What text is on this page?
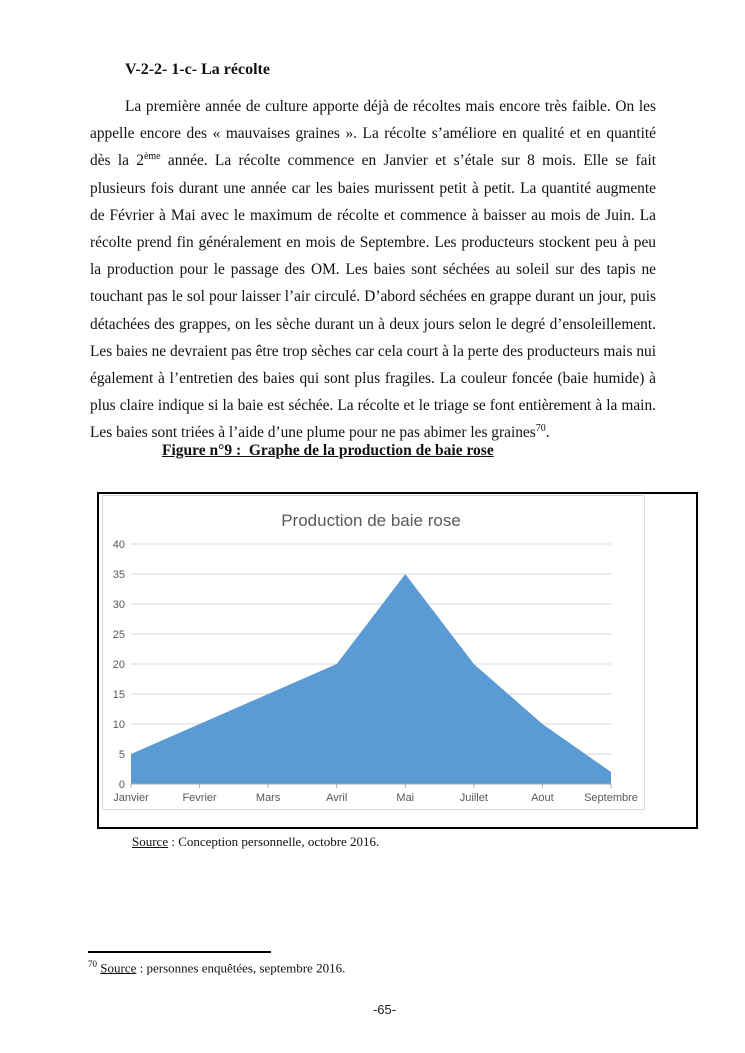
V-2-2- 1-c- La récolte

La première année de culture apporte déjà de récoltes mais encore très faible. On les appelle encore des « mauvaises graines ». La récolte s’améliore en qualité et en quantité dès la 2ème année. La récolte commence en Janvier et s’étale sur 8 mois. Elle se fait plusieurs fois durant une année car les baies murissent petit à petit. La quantité augmente de Février à Mai avec le maximum de récolte et commence à baisser au mois de Juin. La récolte prend fin généralement en mois de Septembre. Les producteurs stockent peu à peu la production pour le passage des OM. Les baies sont séchées au soleil sur des tapis ne touchant pas le sol pour laisser l’air circulé. D’abord séchées en grappe durant un jour, puis détachées des grappes, on les sèche durant un à deux jours selon le degré d’ensoleillement. Les baies ne devraient pas être trop sèches car cela court à la perte des producteurs mais nui également à l’entretien des baies qui sont plus fragiles. La couleur foncée (baie humide) à plus claire indique si la baie est séchée. La récolte et le triage se font entièrement à la main. Les baies sont triées à l’aide d’une plume pour ne pas abimer les graines$^{70}$.

Figure n°9 :  Graphe de la production de baie rose
Production de baie rose
0
5
10
15
20
25
30
35
40
Janvier	Fevrier	Mars	Avril	Mai	Juillet	Aout	Septembre
Source : Conception personnelle, octobre 2016.
$^{70}$ Source : personnes enquêtées, septembre 2016.
-65-
